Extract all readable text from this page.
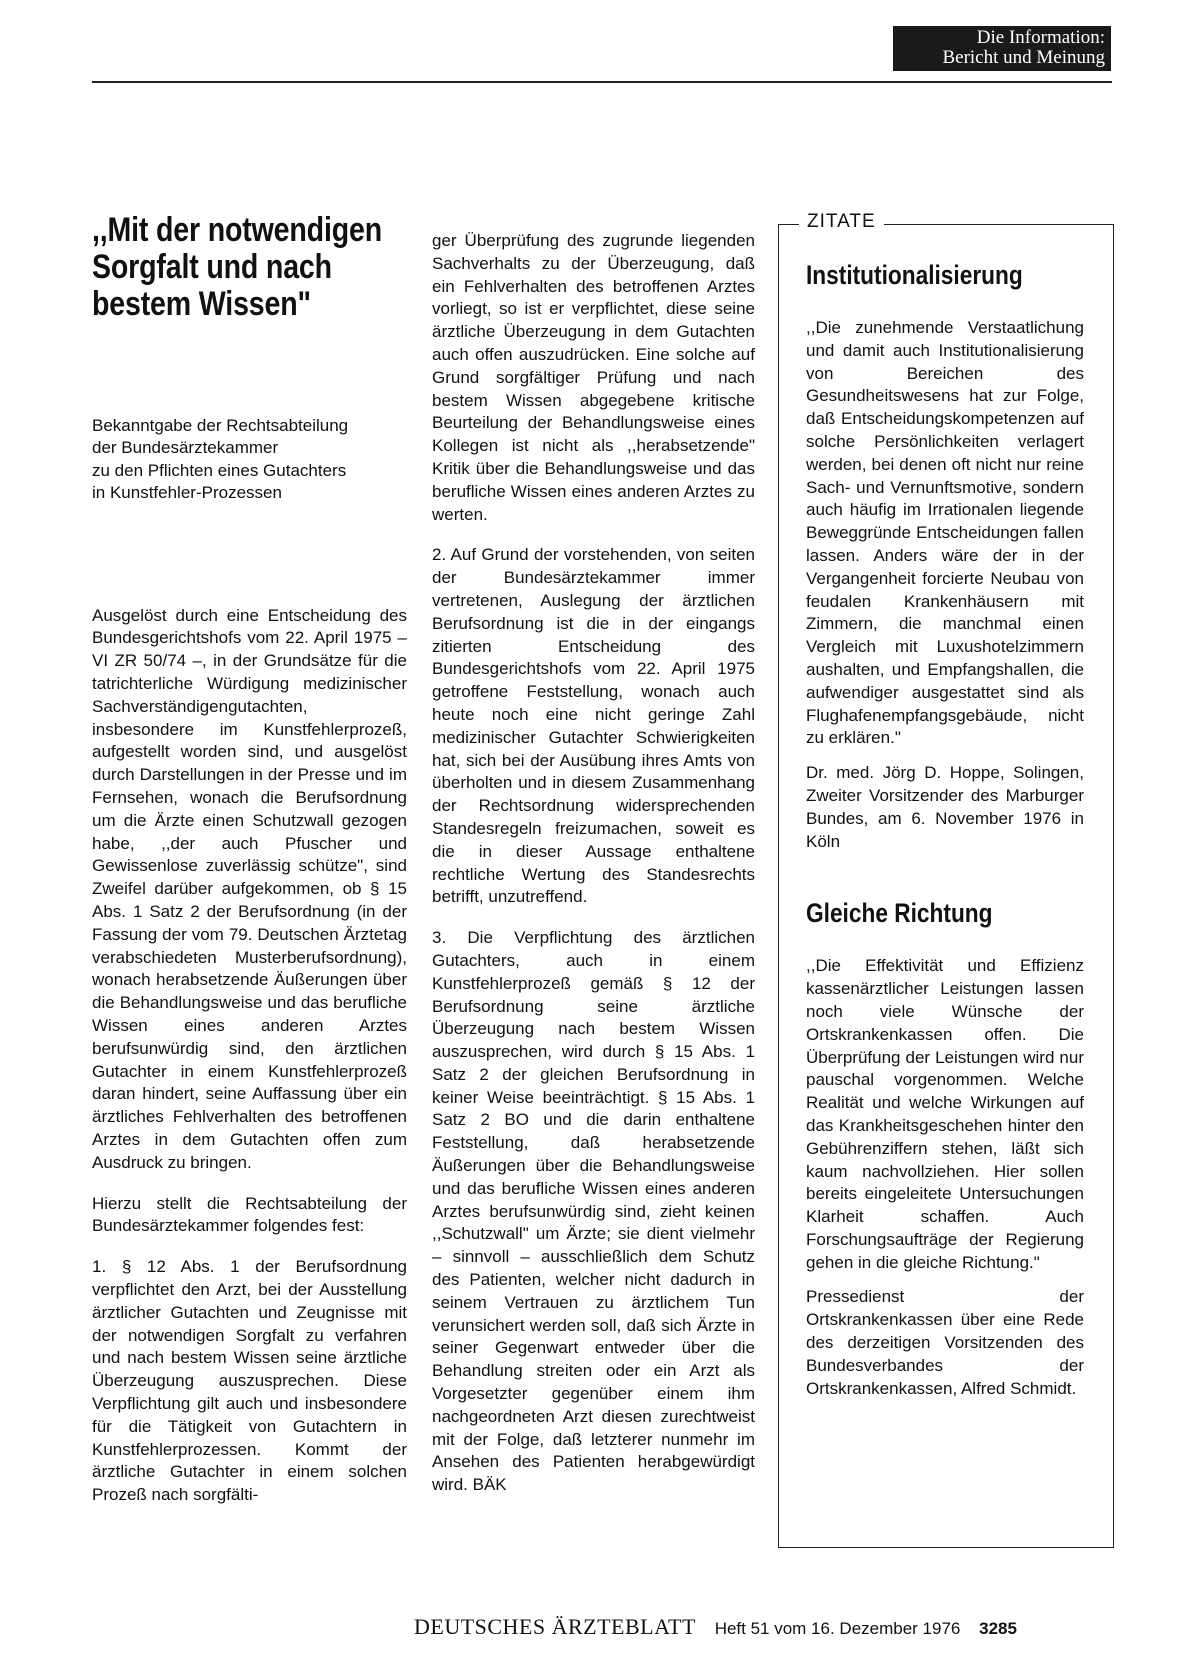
Die Information:
Bericht und Meinung
,,Mit der notwendigen Sorgfalt und nach bestem Wissen"
Bekanntgabe der Rechtsabteilung
der Bundesärztekammer
zu den Pflichten eines Gutachters
in Kunstfehler-Prozessen

Ausgelöst durch eine Entscheidung des Bundesgerichtshofs vom 22. April 1975 – VI ZR 50/74 –, in der Grundsätze für die tatrichterliche Würdigung medizinischer Sachverständigengutachten, insbesondere im Kunstfehlerprozeß, aufgestellt worden sind, und ausgelöst durch Darstellungen in der Presse und im Fernsehen, wonach die Berufsordnung um die Ärzte einen Schutzwall gezogen habe, ,,der auch Pfuscher und Gewissenlose zuverlässig schütze", sind Zweifel darüber aufgekommen, ob § 15 Abs. 1 Satz 2 der Berufsordnung (in der Fassung der vom 79. Deutschen Ärztetag verabschiedeten Musterberufsordnung), wonach herabsetzende Äußerungen über die Behandlungsweise und das berufliche Wissen eines anderen Arztes berufsunwürdig sind, den ärztlichen Gutachter in einem Kunstfehlerprozeß daran hindert, seine Auffassung über ein ärztliches Fehlverhalten des betroffenen Arztes in dem Gutachten offen zum Ausdruck zu bringen.

Hierzu stellt die Rechtsabteilung der Bundesärztekammer folgendes fest:

1. § 12 Abs. 1 der Berufsordnung verpflichtet den Arzt, bei der Ausstellung ärztlicher Gutachten und Zeugnisse mit der notwendigen Sorgfalt zu verfahren und nach bestem Wissen seine ärztliche Überzeugung auszusprechen. Diese Verpflichtung gilt auch und insbesondere für die Tätigkeit von Gutachtern in Kunstfehlerprozessen. Kommt der ärztliche Gutachter in einem solchen Prozeß nach sorgfälti-

ger Überprüfung des zugrunde liegenden Sachverhalts zu der Überzeugung, daß ein Fehlverhalten des betroffenen Arztes vorliegt, so ist er verpflichtet, diese seine ärztliche Überzeugung in dem Gutachten auch offen auszudrücken. Eine solche auf Grund sorgfältiger Prüfung und nach bestem Wissen abgegebene kritische Beurteilung der Behandlungsweise eines Kollegen ist nicht als ,,herabsetzende" Kritik über die Behandlungsweise und das berufliche Wissen eines anderen Arztes zu werten.

2. Auf Grund der vorstehenden, von seiten der Bundesärztekammer immer vertretenen, Auslegung der ärztlichen Berufsordnung ist die in der eingangs zitierten Entscheidung des Bundesgerichtshofs vom 22. April 1975 getroffene Feststellung, wonach auch heute noch eine nicht geringe Zahl medizinischer Gutachter Schwierigkeiten hat, sich bei der Ausübung ihres Amts von überholten und in diesem Zusammenhang der Rechtsordnung widersprechenden Standesregeln freizumachen, soweit es die in dieser Aussage enthaltene rechtliche Wertung des Standesrechts betrifft, unzutreffend.

3. Die Verpflichtung des ärztlichen Gutachters, auch in einem Kunstfehlerprozeß gemäß § 12 der Berufsordnung seine ärztliche Überzeugung nach bestem Wissen auszusprechen, wird durch § 15 Abs. 1 Satz 2 der gleichen Berufsordnung in keiner Weise beeinträchtigt. § 15 Abs. 1 Satz 2 BO und die darin enthaltene Feststellung, daß herabsetzende Äußerungen über die Behandlungsweise und das berufliche Wissen eines anderen Arztes berufsunwürdig sind, zieht keinen ,,Schutzwall" um Ärzte; sie dient vielmehr – sinnvoll – ausschließlich dem Schutz des Patienten, welcher nicht dadurch in seinem Vertrauen zu ärztlichem Tun verunsichert werden soll, daß sich Ärzte in seiner Gegenwart entweder über die Behandlung streiten oder ein Arzt als Vorgesetzter gegenüber einem ihm nachgeordneten Arzt diesen zurechtweist mit der Folge, daß letzterer nunmehr im Ansehen des Patienten herabgewürdigt wird. BÄK

ZITATE
Institutionalisierung

,,Die zunehmende Verstaatlichung und damit auch Institutionalisierung von Bereichen des Gesundheitswesens hat zur Folge, daß Entscheidungskompetenzen auf solche Persönlichkeiten verlagert werden, bei denen oft nicht nur reine Sach- und Vernunftsmotive, sondern auch häufig im Irrationalen liegende Beweggründe Entscheidungen fallen lassen. Anders wäre der in der Vergangenheit forcierte Neubau von feudalen Krankenhäusern mit Zimmern, die manchmal einen Vergleich mit Luxushotelzimmern aushalten, und Empfangshallen, die aufwendiger ausgestattet sind als Flughafenempfangsgebäude, nicht zu erklären."

Dr. med. Jörg D. Hoppe, Solingen, Zweiter Vorsitzender des Marburger Bundes, am 6. November 1976 in Köln

Gleiche Richtung

,,Die Effektivität und Effizienz kassenärztlicher Leistungen lassen noch viele Wünsche der Ortskrankenkassen offen. Die Überprüfung der Leistungen wird nur pauschal vorgenommen. Welche Realität und welche Wirkungen auf das Krankheitsgeschehen hinter den Gebührenziffern stehen, läßt sich kaum nachvollziehen. Hier sollen bereits eingeleitete Untersuchungen Klarheit schaffen. Auch Forschungsaufträge der Regierung gehen in die gleiche Richtung."

Pressedienst der Ortskrankenkassen über eine Rede des derzeitigen Vorsitzenden des Bundesverbandes der Ortskrankenkassen, Alfred Schmidt.

DEUTSCHES ÄRZTEBLATT Heft 51 vom 16. Dezember 1976 3285
